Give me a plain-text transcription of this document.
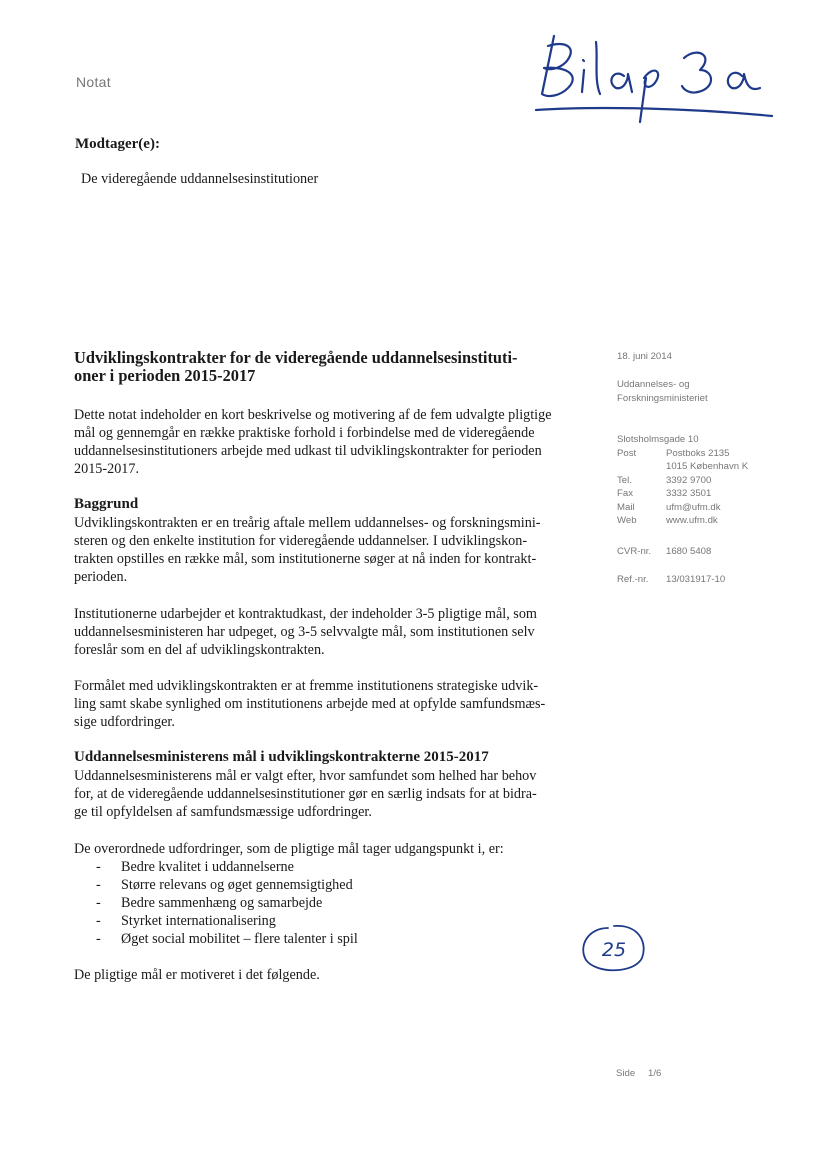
Notat
Modtager(e):
De videregående uddannelsesinstitutioner
Udviklingskontrakter for de videregående uddannelsesinstituti-
oner i perioden 2015-2017
Dette notat indeholder en kort beskrivelse og motivering af de fem udvalgte pligtige
mål og gennemgår en række praktiske forhold i forbindelse med de videregående
uddannelsesinstitutioners arbejde med udkast til udviklingskontrakter for perioden
2015-2017.
Baggrund
Udviklingskontrakten er en treårig aftale mellem uddannelses- og forskningsmini-
steren og den enkelte institution for videregående uddannelser. I udviklingskon-
trakten opstilles en række mål, som institutionerne søger at nå inden for kontrakt-
perioden.
Institutionerne udarbejder et kontraktudkast, der indeholder 3-5 pligtige mål, som
uddannelsesministeren har udpeget, og 3-5 selvvalgte mål, som institutionen selv
foreslår som en del af udviklingskontrakten.
Formålet med udviklingskontrakten er at fremme institutionens strategiske udvik-
ling samt skabe synlighed om institutionens arbejde med at opfylde samfundsmæs-
sige udfordringer.
Uddannelsesministerens mål i udviklingskontrakterne 2015-2017
Uddannelsesministerens mål er valgt efter, hvor samfundet som helhed har behov
for, at de videregående uddannelsesinstitutioner gør en særlig indsats for at bidra-
ge til opfyldelsen af samfundsmæssige udfordringer.
De overordnede udfordringer, som de pligtige mål tager udgangspunkt i, er:
-	Bedre kvalitet i uddannelserne
-	Større relevans og øget gennemsigtighed
-	Bedre sammenhæng og samarbejde
-	Styrket internationalisering
-	Øget social mobilitet – flere talenter i spil
De pligtige mål er motiveret i det følgende.
18. juni 2014
Uddannelses- og
Forskningsministeriet
Slotsholmsgade 10	
Post	Postboks 2135
	1015 København K
Tel.	3392 9700
Fax	3332 3501
Mail	ufm@ufm.dk
Web	www.ufm.dk
CVR-nr. 1680 5408
Ref.-nr. 13/031917-10
25
Side 1/6
